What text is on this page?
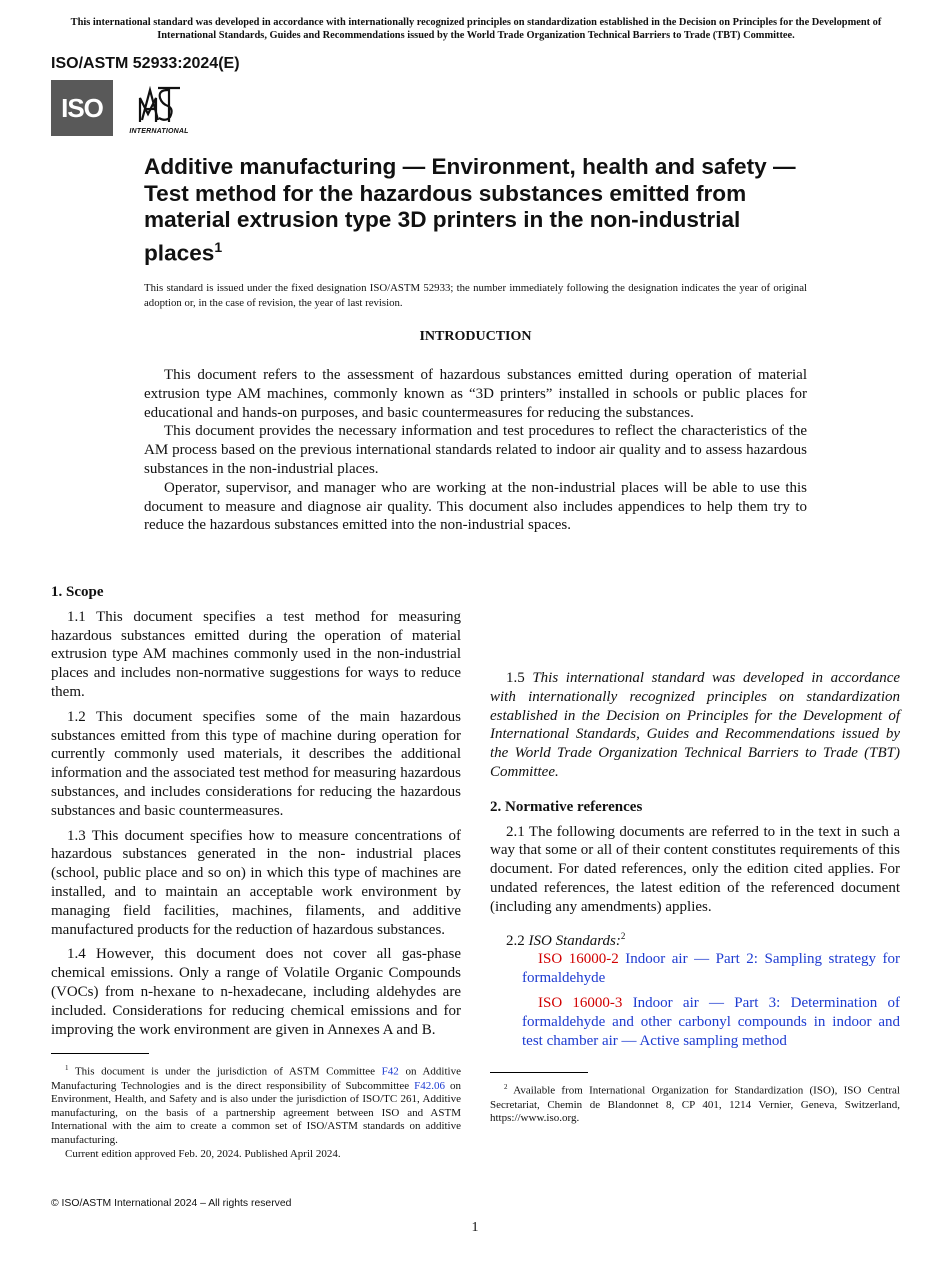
This international standard was developed in accordance with internationally recognized principles on standardization established in the Decision on Principles for the Development of International Standards, Guides and Recommendations issued by the World Trade Organization Technical Barriers to Trade (TBT) Committee.
ISO/ASTM 52933:2024(E)
ISO
INTERNATIONAL
Additive manufacturing — Environment, health and safety — Test method for the hazardous substances emitted from material extrusion type 3D printers in the non-industrial places$^1$
This standard is issued under the fixed designation ISO/ASTM 52933; the number immediately following the designation indicates the year of original adoption or, in the case of revision, the year of last revision.
INTRODUCTION

This document refers to the assessment of hazardous substances emitted during operation of material extrusion type AM machines, commonly known as “3D printers” installed in schools or public places for educational and hands-on purposes, and basic countermeasures for reducing the substances.

This document provides the necessary information and test procedures to reflect the characteristics of the AM process based on the previous international standards related to indoor air quality and to assess hazardous substances in the non-industrial places.

Operator, supervisor, and manager who are working at the non-industrial places will be able to use this document to measure and diagnose air quality. This document also includes appendices to help them try to reduce the hazardous substances emitted into the non-industrial spaces.

1. Scope

1.1 This document specifies a test method for measuring hazardous substances emitted during the operation of material extrusion type AM machines commonly used in the non-industrial places and includes non-normative suggestions for ways to reduce them.

1.2 This document specifies some of the main hazardous substances emitted from this type of machine during operation for currently commonly used materials, it describes the additional information and the associated test method for measuring hazardous substances, and includes considerations for reducing the hazardous substances and basic countermeasures.

1.3 This document specifies how to measure concentrations of hazardous substances generated in the non- industrial places (school, public place and so on) in which this type of machines are installed, and to maintain an acceptable work environment by managing field facilities, machines, filaments, and additive manufactured products for the reduction of hazardous substances.

1.4 However, this document does not cover all gas-phase chemical emissions. Only a range of Volatile Organic Compounds (VOCs) from n-hexane to n-hexadecane, including aldehydes are included. Considerations for reducing chemical emissions and for improving the work environment are given in Annexes A and B.

$^1$ This document is under the jurisdiction of ASTM Committee F42 on Additive Manufacturing Technologies and is the direct responsibility of Subcommittee F42.06 on Environment, Health, and Safety and is also under the jurisdiction of ISO/TC 261, Additive manufacturing, on the basis of a partnership agreement between ISO and ASTM International with the aim to create a common set of ISO/ASTM standards on additive manufacturing.

Current edition approved Feb. 20, 2024. Published April 2024.

1.5 This international standard was developed in accordance with internationally recognized principles on standardization established in the Decision on Principles for the Development of International Standards, Guides and Recommendations issued by the World Trade Organization Technical Barriers to Trade (TBT) Committee.

2. Normative references

2.1 The following documents are referred to in the text in such a way that some or all of their content constitutes requirements of this document. For dated references, only the edition cited applies. For undated references, the latest edition of the referenced document (including any amendments) applies.

2.2 ISO Standards:$^2$

ISO 16000-2 Indoor air — Part 2: Sampling strategy for formaldehyde

ISO 16000-3 Indoor air — Part 3: Determination of formaldehyde and other carbonyl compounds in indoor and test chamber air — Active sampling method

$^2$ Available from International Organization for Standardization (ISO), ISO Central Secretariat, Chemin de Blandonnet 8, CP 401, 1214 Vernier, Geneva, Switzerland, https://www.iso.org.

© ISO/ASTM International 2024 – All rights reserved
1
